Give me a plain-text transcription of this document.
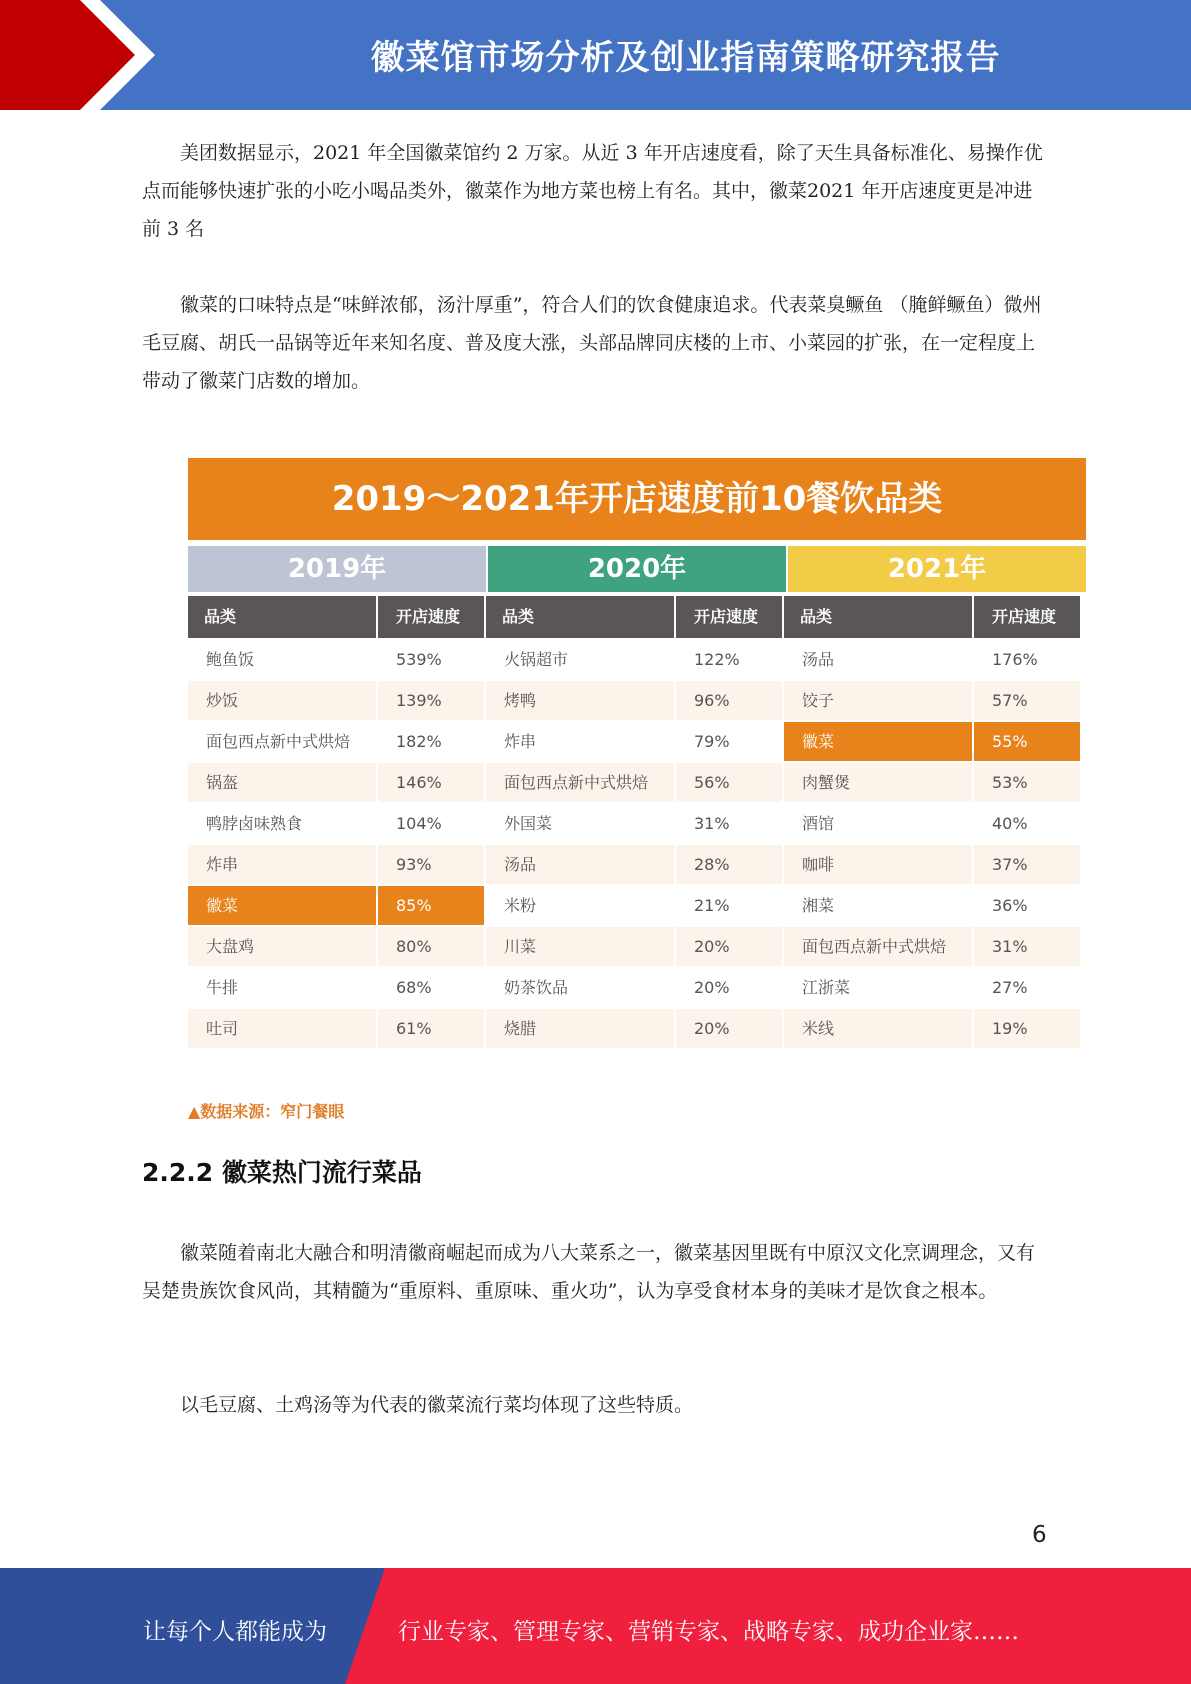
徽菜馆市场分析及创业指南策略研究报告

美团数据显示，2021 年全国徽菜馆约 2 万家。从近 3 年开店速度看，除了天生具备标准化、易操作优点而能够快速扩张的小吃小喝品类外，徽菜作为地方菜也榜上有名。其中，徽菜2021 年开店速度更是冲进前 3 名

徽菜的口味特点是“味鲜浓郁，汤汁厚重”，符合人们的饮食健康追求。代表菜臭鳜鱼 （腌鲜鳜鱼）微州毛豆腐、胡氏一品锅等近年来知名度、普及度大涨，头部品牌同庆楼的上市、小菜园的扩张，在一定程度上带动了徽菜门店数的增加。

2019～2021年开店速度前10餐饮品类
2019年	2020年	2021年
品类	开店速度	品类	开店速度	品类	开店速度
鲍鱼饭	539%	火锅超市	122%	汤品	176%
炒饭	139%	烤鸭	96%	饺子	57%
面包西点新中式烘焙	182%	炸串	79%	徽菜	55%
锅盔	146%	面包西点新中式烘焙	56%	肉蟹煲	53%
鸭脖卤味熟食	104%	外国菜	31%	酒馆	40%
炸串	93%	汤品	28%	咖啡	37%
徽菜	85%	米粉	21%	湘菜	36%
大盘鸡	80%	川菜	20%	面包西点新中式烘焙	31%
牛排	68%	奶茶饮品	20%	江浙菜	27%
吐司	61%	烧腊	20%	米线	19%
▲数据来源：窄门餐眼
2.2.2 徽菜热门流行菜品

徽菜随着南北大融合和明清徽商崛起而成为八大菜系之一，徽菜基因里既有中原汉文化烹调理念，又有吴楚贵族饮食风尚，其精髓为“重原料、重原味、重火功”，认为享受食材本身的美味才是饮食之根本。

以毛豆腐、土鸡汤等为代表的徽菜流行菜均体现了这些特质。

6
让每个人都能成为	行业专家、管理专家、营销专家、战略专家、成功企业家……
